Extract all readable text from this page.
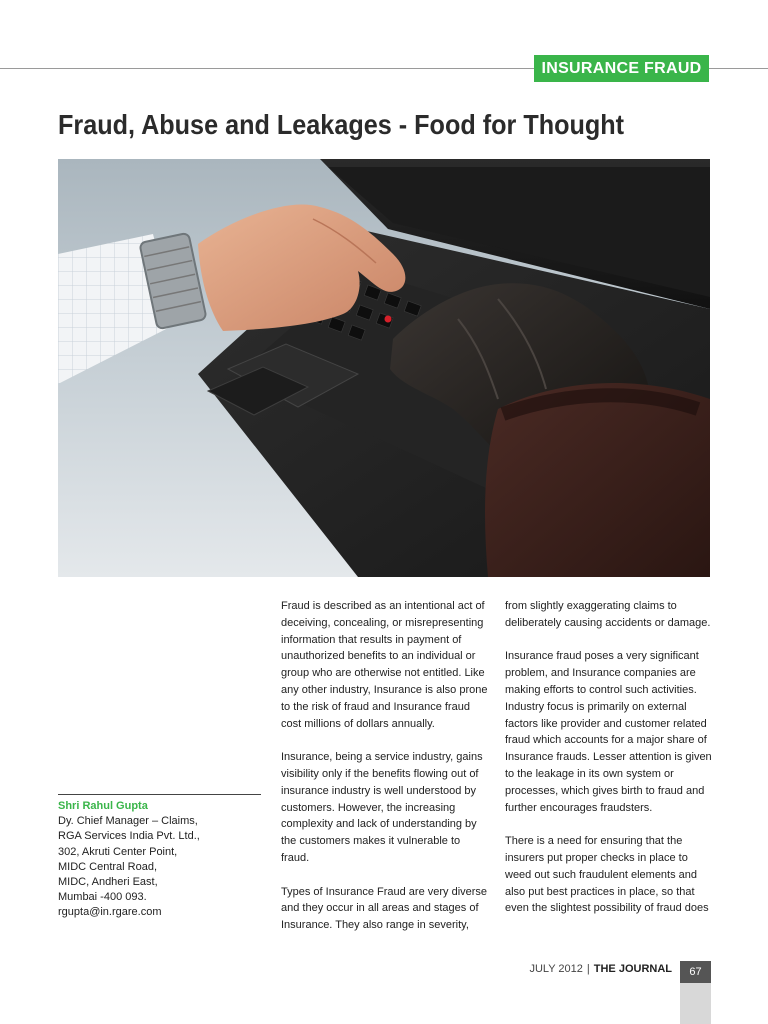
INSURANCE FRAUD
Fraud, Abuse and Leakages - Food for Thought
Shri Rahul Gupta
Dy. Chief Manager – Claims,
RGA Services India Pvt. Ltd.,
302, Akruti Center Point,
MIDC Central Road,
MIDC, Andheri East,
Mumbai -400 093.
rgupta@in.rgare.com

Fraud is described as an intentional act of deceiving, concealing, or misrepresenting information that results in payment of unauthorized benefits to an individual or group who are otherwise not entitled. Like any other industry, Insurance is also prone to the risk of fraud and Insurance fraud cost millions of dollars annually.

Insurance, being a service industry, gains visibility only if the benefits flowing out of insurance industry is well understood by customers. However, the increasing complexity and lack of understanding by the customers makes it vulnerable to fraud.

Types of Insurance Fraud are very diverse and they occur in all areas and stages of Insurance. They also range in severity,

from slightly exaggerating claims to deliberately causing accidents or damage.

Insurance fraud poses a very significant problem, and Insurance companies are making efforts to control such activities. Industry focus is primarily on external factors like provider and customer related fraud which accounts for a major share of Insurance frauds. Lesser attention is given to the leakage in its own system or processes, which gives birth to fraud and further encourages fraudsters.

There is a need for ensuring that the insurers put proper checks in place to weed out such fraudulent elements and also put best practices in place, so that even the slightest possibility of fraud does

JULY 2012 | THE JOURNAL	67
